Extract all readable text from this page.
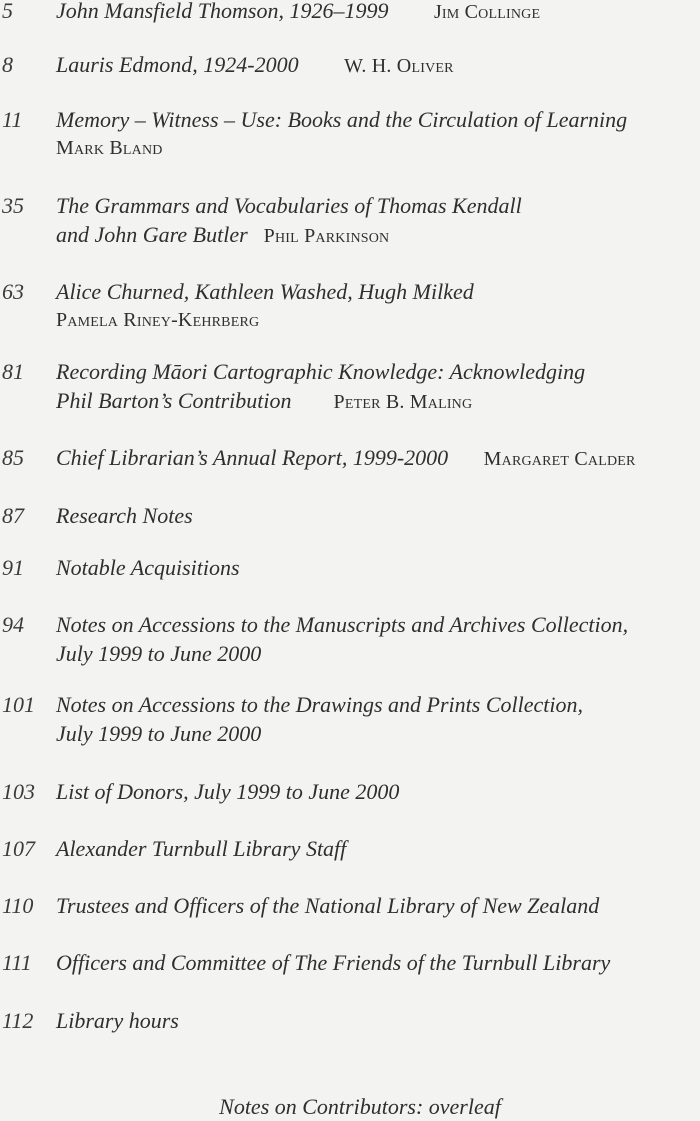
5 John Mansfield Thomson, 1926–1999 Jim Collinge
8 Lauris Edmond, 1924-2000 W. H. Oliver
11 Memory – Witness – Use: Books and the Circulation of Learning
Mark Bland
35 The Grammars and Vocabularies of Thomas Kendall
and John Gare Butler Phil Parkinson
63 Alice Churned, Kathleen Washed, Hugh Milked
Pamela Riney-Kehrberg
81 Recording Māori Cartographic Knowledge: Acknowledging
Phil Barton’s Contribution Peter B. Maling
85 Chief Librarian’s Annual Report, 1999-2000 Margaret Calder
87 Research Notes
91 Notable Acquisitions
94 Notes on Accessions to the Manuscripts and Archives Collection,
July 1999 to June 2000
101 Notes on Accessions to the Drawings and Prints Collection,
July 1999 to June 2000
103 List of Donors, July 1999 to June 2000
107 Alexander Turnbull Library Staff
110 Trustees and Officers of the National Library of New Zealand
111 Officers and Committee of The Friends of the Turnbull Library
112 Library hours
Notes on Contributors: overleaf
